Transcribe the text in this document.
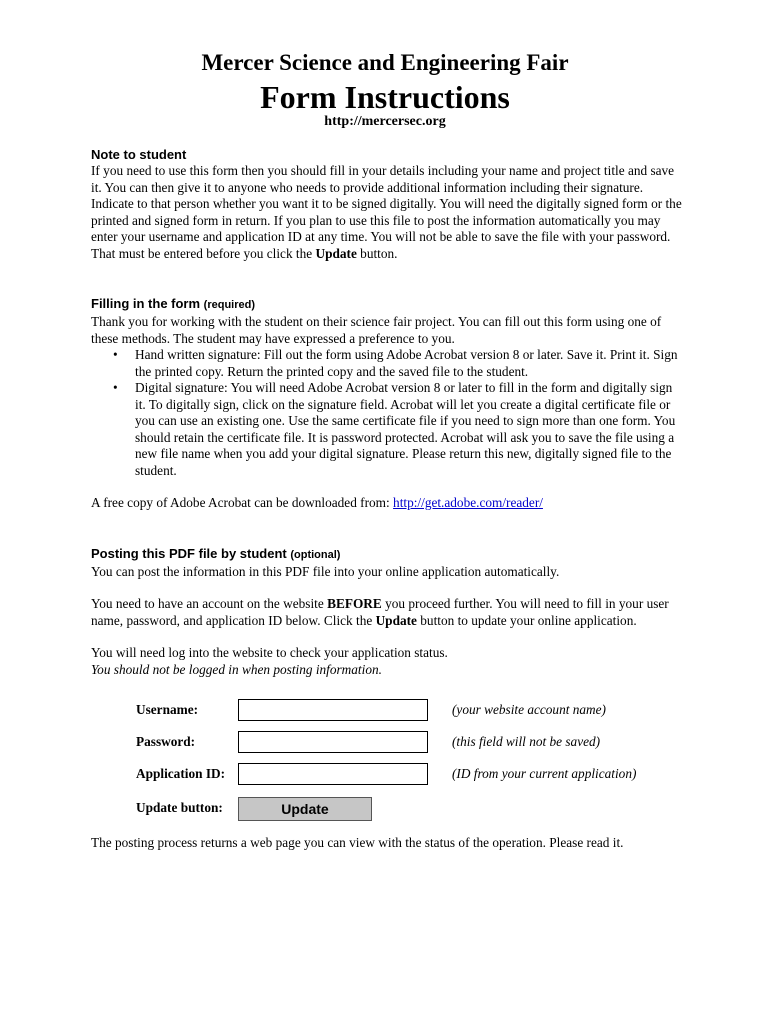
Mercer Science and Engineering Fair
Form Instructions
http://mercersec.org
Note to student

If you need to use this form then you should fill in your details including your name and project title and save it. You can then give it to anyone who needs to provide additional information including their signature. Indicate to that person whether you want it to be signed digitally. You will need the digitally signed form or the printed and signed form in return. If you plan to use this file to post the information automatically you may enter your username and application ID at any time. You will not be able to save the file with your password. That must be entered before you click the Update button.

Filling in the form (required)

Thank you for working with the student on their science fair project. You can fill out this form using one of these methods. The student may have expressed a preference to you.

• Hand written signature: Fill out the form using Adobe Acrobat version 8 or later. Save it. Print it. Sign the printed copy. Return the printed copy and the saved file to the student.
• Digital signature: You will need Adobe Acrobat version 8 or later to fill in the form and digitally sign it. To digitally sign, click on the signature field. Acrobat will let you create a digital certificate file or you can use an existing one. Use the same certificate file if you need to sign more than one form. You should retain the certificate file. It is password protected. Acrobat will ask you to save the file using a new file name when you add your digital signature. Please return this new, digitally signed file to the student.

A free copy of Adobe Acrobat can be downloaded from: http://get.adobe.com/reader/

Posting this PDF file by student (optional)

You can post the information in this PDF file into your online application automatically.

You need to have an account on the website BEFORE you proceed further. You will need to fill in your user name, password, and application ID below. Click the Update button to update your online application.

You will need log into the website to check your application status.
You should not be logged in when posting information.

Username:	(your website account name)
Password:	(this field will not be saved)
Application ID:	(ID from your current application)
Update button:	Update

The posting process returns a web page you can view with the status of the operation. Please read it.
